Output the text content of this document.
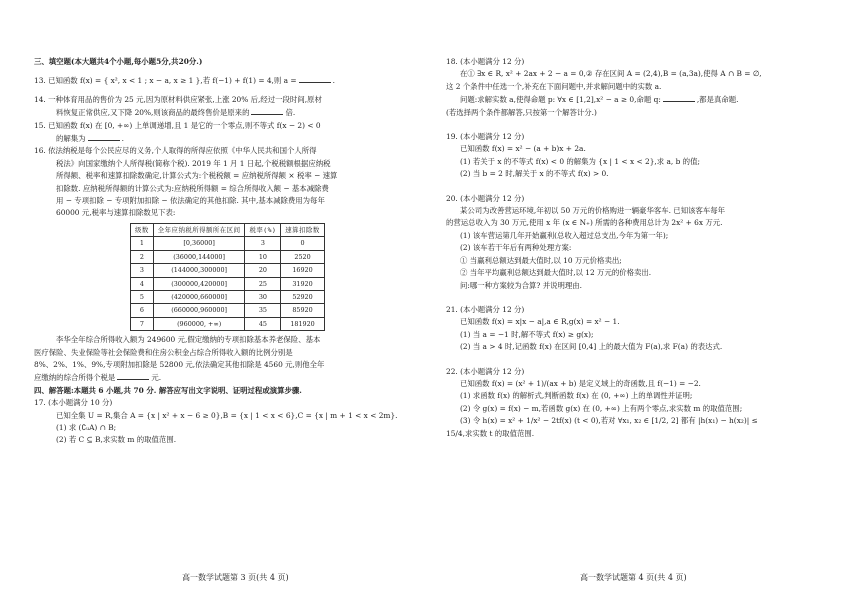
三、填空题(本大题共4个小题,每小题5分,共20分.)

13. 已知函数 f(x) = { x², x < 1 ; x − a, x ≥ 1 },若 f(−1) + f(1) = 4,则 a =	.

14. 一种体育用品的售价为 25 元,因为原材料供应紧张,上涨 20% 后,经过一段时间,原材

料恢复正常供应,又下降 20%,则该商品的最终售价是原来的	倍.

15. 已知函数 f(x) 在 [0, +∞) 上单调递增,且 1 是它的一个零点,则不等式 f(x − 2) < 0

的解集为	.

16. 依法纳税是每个公民应尽的义务,个人取得的所得应依照《中华人民共和国个人所得

税法》向国家缴纳个人所得税(简称个税). 2019 年 1 月 1 日起,个税税额根据应纳税

所得额、税率和速算扣除数确定,计算公式为:个税税额 = 应纳税所得额 × 税率 − 速算

扣除数. 应纳税所得额的计算公式为:应纳税所得额 = 综合所得收入额 − 基本减除费

用 − 专项扣除 − 专项附加扣除 − 依法确定的其他扣除. 其中,基本减除费用为每年

60000 元,税率与速算扣除数见下表:

级数	全年应纳税所得额所在区间	税率(%)	速算扣除数
1	[0,36000]	3	0
2	(36000,144000]	10	2520
3	(144000,300000]	20	16920
4	(300000,420000]	25	31920
5	(420000,660000]	30	52920
6	(660000,960000]	35	85920
7	(960000, +∞)	45	181920

李华全年综合所得收入额为 249600 元,假定缴纳的专项扣除基本养老保险、基本

医疗保险、失业保险等社会保险费和住房公积金占综合所得收入额的比例分别是

8%、2%、1%、9%,专项附加扣除是 52800 元,依法确定其他扣除是 4560 元,则他全年

应缴纳的综合所得个税是	元.

四、解答题:本题共 6 小题,共 70 分. 解答应写出文字说明、证明过程或演算步骤.

17. (本小题满分 10 分)

已知全集 U = R,集合 A = {x | x² + x − 6 ≥ 0},B = {x | 1 < x < 6},C = {x | m + 1 < x < 2m}.

(1) 求 (∁ᵤA) ∩ B;

(2) 若 C ⊆ B,求实数 m 的取值范围.

18. (本小题满分 12 分)

在① ∃x ∈ R, x² + 2ax + 2 − a = 0,② 存在区间 A = (2,4),B = (a,3a),使得 A ∩ B = ∅,

这 2 个条件中任选一个,补充在下面问题中,并求解问题中的实数 a.

问题:求解实数 a,使得命题 p: ∀x ∈ [1,2],x² − a ≥ 0,命题 q:	,都是真命题.

(若选择两个条件都解答,只按第一个解答计分.)

19. (本小题满分 12 分)

已知函数 f(x) = x² − (a + b)x + 2a.

(1) 若关于 x 的不等式 f(x) < 0 的解集为 {x | 1 < x < 2},求 a, b 的值;

(2) 当 b = 2 时,解关于 x 的不等式 f(x) > 0.

20. (本小题满分 12 分)

某公司为改善营运环境,年初以 50 万元的价格购进一辆豪华客车. 已知该客车每年

的营运总收入为 30 万元,使用 x 年 (x ∈ N₊) 所需的各种费用总计为 2x² + 6x 万元.

(1) 该车营运第几年开始赢利(总收入超过总支出,今年为第一年);

(2) 该车若干年后有两种处理方案:

① 当赢利总额达到最大值时,以 10 万元价格卖出;

② 当年平均赢利总额达到最大值时,以 12 万元的价格卖出.

问:哪一种方案较为合算? 并说明理由.

21. (本小题满分 12 分)

已知函数 f(x) = x|x − a|,a ∈ R,g(x) = x² − 1.

(1) 当 a = −1 时,解不等式 f(x) ≥ g(x);

(2) 当 a > 4 时,记函数 f(x) 在区间 [0,4] 上的最大值为 F(a),求 F(a) 的表达式.

22. (本小题满分 12 分)

已知函数 f(x) = (x² + 1)/(ax + b) 是定义域上的奇函数,且 f(−1) = −2.

(1) 求函数 f(x) 的解析式,判断函数 f(x) 在 (0, +∞) 上的单调性并证明;

(2) 令 g(x) = f(x) − m,若函数 g(x) 在 (0, +∞) 上有两个零点,求实数 m 的取值范围;

(3) 令 h(x) = x² + 1/x² − 2tf(x) (t < 0),若对 ∀x₁, x₂ ∈ [1/2, 2] 都有 |h(x₁) − h(x₂)| ≤

15/4,求实数 t 的取值范围.

高一数学试题第 3 页(共 4 页)	高一数学试题第 4 页(共 4 页)
